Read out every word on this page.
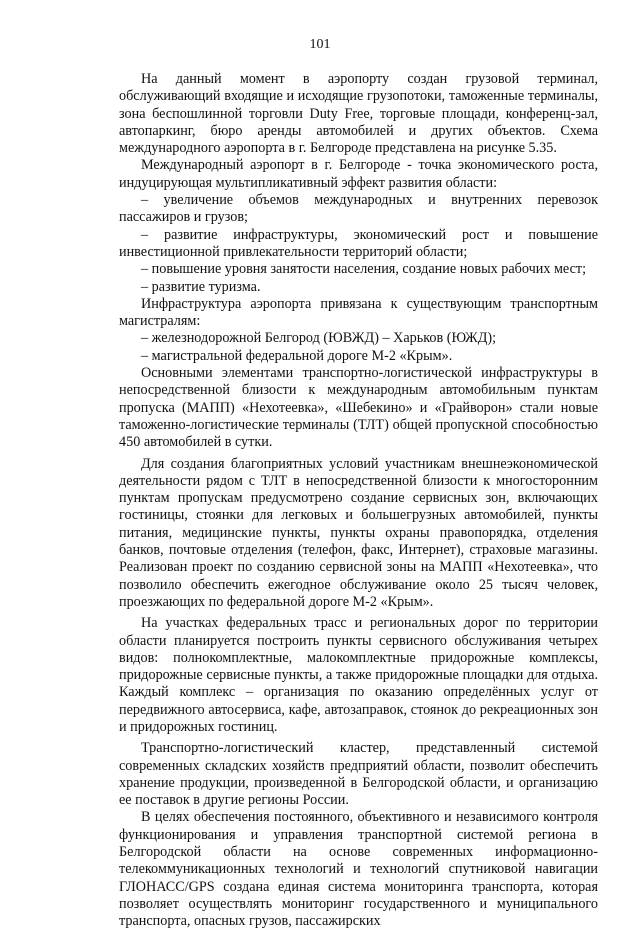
101

На данный момент в аэропорту создан грузовой терминал, обслуживающий входящие и исходящие грузопотоки, таможенные терминалы, зона беспошлинной торговли Duty Free, торговые площади, конференц-зал, автопаркинг, бюро аренды автомобилей и других объектов. Схема международного аэропорта в г. Белгороде представлена на рисунке 5.35.

Международный аэропорт в г. Белгороде - точка экономического роста, индуцирующая мультипликативный эффект развития области:

– увеличение объемов международных и внутренних перевозок пассажиров и грузов;

– развитие инфраструктуры, экономический рост и повышение инвестиционной привлекательности территорий области;

– повышение уровня занятости населения, создание новых рабочих мест;

– развитие туризма.

Инфраструктура аэропорта привязана к существующим транспортным магистралям:

– железнодорожной Белгород (ЮВЖД) – Харьков (ЮЖД);

– магистральной федеральной дороге М-2 «Крым».

Основными элементами транспортно-логистической инфраструктуры в непосредственной близости к международным автомобильным пунктам пропуска (МАПП) «Нехотеевка», «Шебекино» и «Грайворон» стали новые таможенно-логистические терминалы (ТЛТ) общей пропускной способностью 450 автомобилей в сутки.

Для создания благоприятных условий участникам внешнеэкономической деятельности рядом с ТЛТ в непосредственной близости к многосторонним пунктам пропускам предусмотрено создание сервисных зон, включающих гостиницы, стоянки для легковых и большегрузных автомобилей, пункты питания, медицинские пункты, пункты охраны правопорядка, отделения банков, почтовые отделения (телефон, факс, Интернет), страховые магазины. Реализован проект по созданию сервисной зоны на МАПП «Нехотеевка», что позволило обеспечить ежегодное обслуживание около 25 тысяч человек, проезжающих по федеральной дороге М-2 «Крым».

На участках федеральных трасс и региональных дорог по территории области планируется построить пункты сервисного обслуживания четырех видов: полнокомплектные, малокомплектные придорожные комплексы, придорожные сервисные пункты, а также придорожные площадки для отдыха. Каждый комплекс – организация по оказанию определённых услуг от передвижного автосервиса, кафе, автозаправок, стоянок до рекреационных зон и придорожных гостиниц.

Транспортно-логистический кластер, представленный системой современных складских хозяйств предприятий области, позволит обеспечить хранение продукции, произведенной в Белгородской области, и организацию ее поставок в другие регионы России.

В целях обеспечения постоянного, объективного и независимого контроля функционирования и управления транспортной системой региона в Белгородской области на основе современных информационно-телекоммуникационных технологий и технологий спутниковой навигации ГЛОНАСС/GPS создана единая система мониторинга транспорта, которая позволяет осуществлять мониторинг государственного и муниципального транспорта, опасных грузов, пассажирских
